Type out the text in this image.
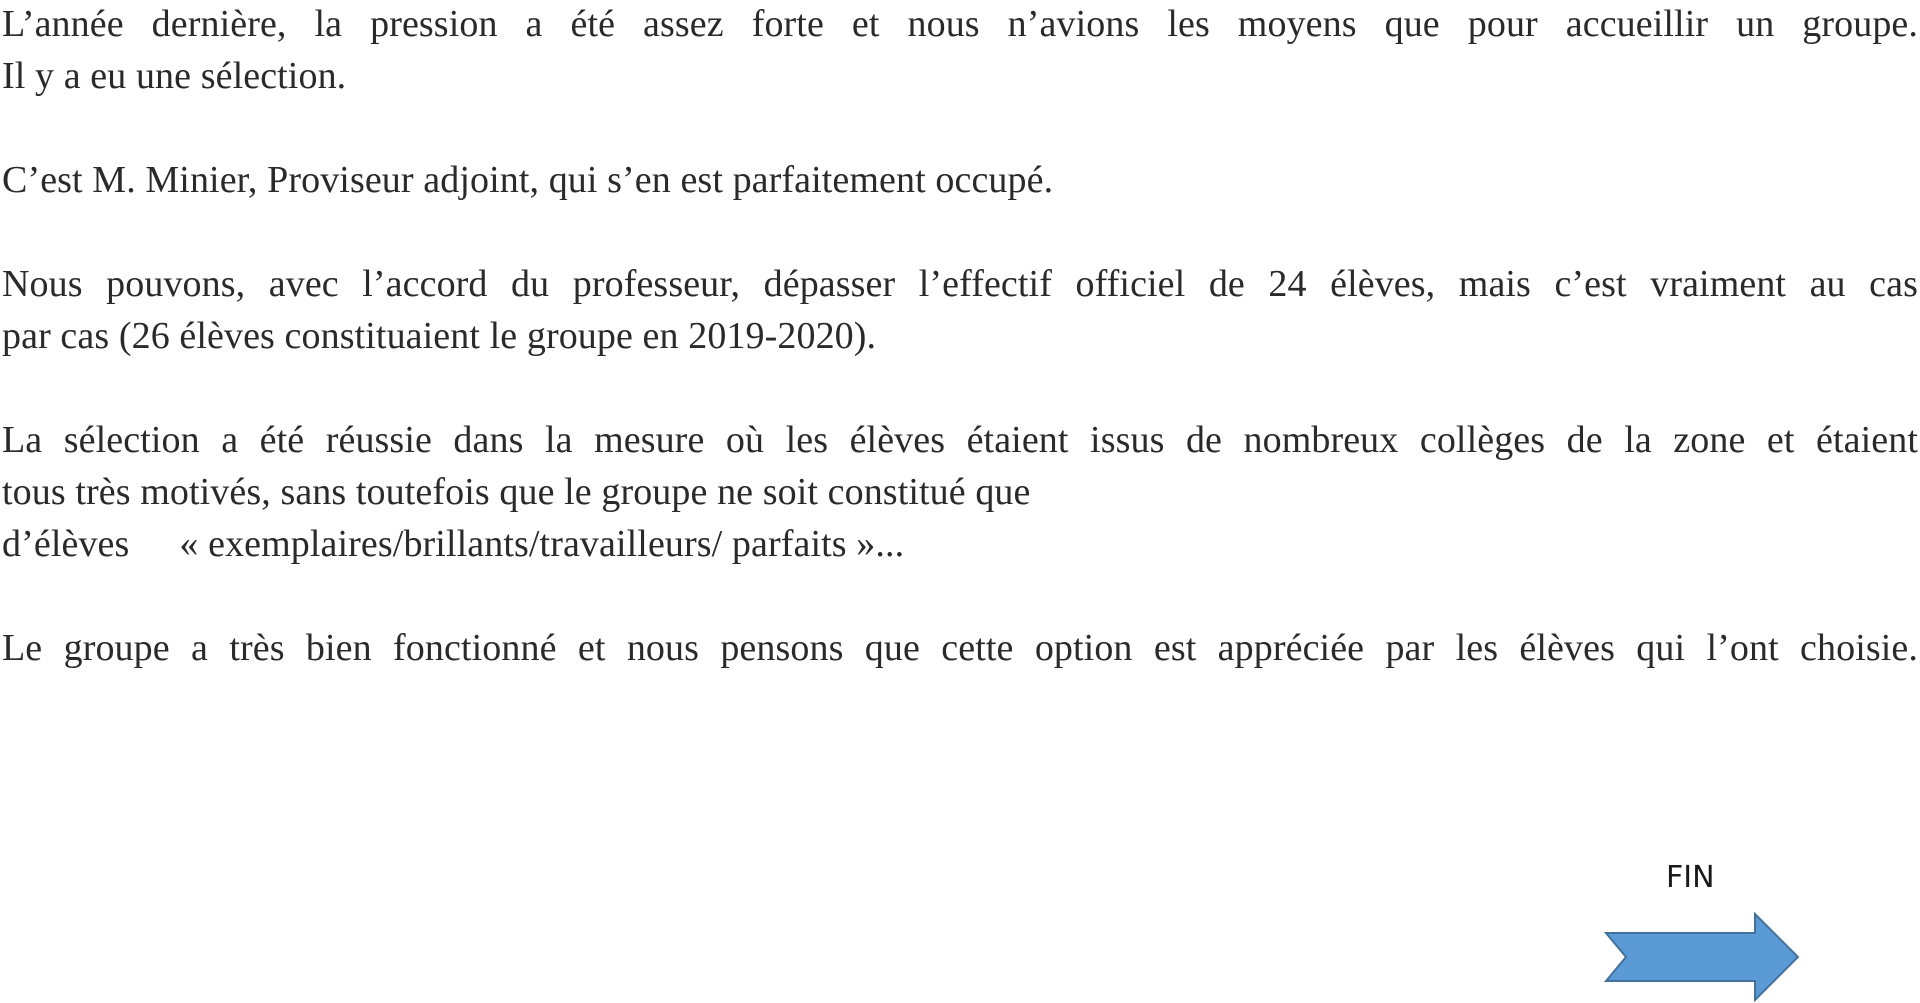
L’année dernière, la pression a été assez forte et nous n’avions les moyens que pour accueillir un groupe.
Il y a eu une sélection.

C’est M. Minier, Proviseur adjoint, qui s’en est parfaitement occupé.

Nous pouvons, avec l’accord du professeur, dépasser l’effectif officiel de 24 élèves, mais c’est vraiment au cas
par cas (26 élèves constituaient le groupe en 2019-2020).

La sélection a été réussie dans la mesure où les élèves étaient issus de nombreux collèges de la zone et étaient
tous très motivés, sans toutefois que le groupe ne soit constitué que
d’élèves « exemplaires/brillants/travailleurs/ parfaits »...

Le groupe a très bien fonctionné et nous pensons que cette option est appréciée par les élèves qui l’ont choisie.

FIN
